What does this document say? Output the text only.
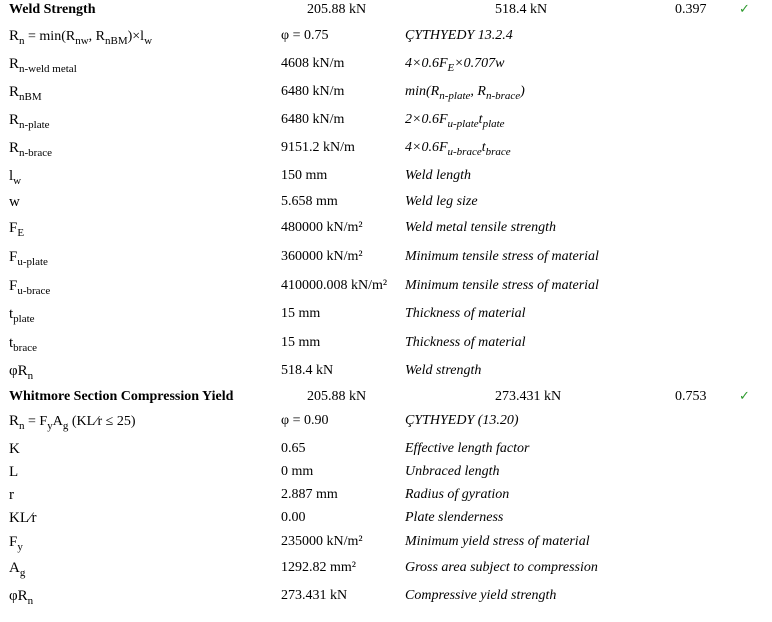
Weld Strength	205.88 kN	518.4 kN	0.397	✓
$R_n = \min(R_{nw}$, $R_{nBM})\times l_w$	φ = 0.75	ÇYTHYEDY 13.2.4
$R_{n-weld metal}$	4608 kN/m	$4\times 0.6F_E\times 0.707w$
$R_{nBM}$	6480 kN/m	$\min(R_{n-plate}$, $R_{n-brace}$)
$R_{n-plate}$	6480 kN/m	$2\times 0.6F_{u-plate}t_{plate}$
$R_{n-brace}$	9151.2 kN/m	$4\times 0.6F_{u-brace}t_{brace}$
$l_w$	150 mm	Weld length
w	5.658 mm	Weld leg size
$F_E$	480000 kN/m²	Weld metal tensile strength
$F_{u-plate}$	360000 kN/m²	Minimum tensile stress of material
$F_{u-brace}$	410000.008 kN/m² Minimum tensile stress of material
$t_{plate}$	15 mm	Thickness of material
$t_{brace}$	15 mm	Thickness of material
$\varphi R_n$	518.4 kN	Weld strength
Whitmore Section Compression Yield	205.88 kN	273.431 kN	0.753	✓
$R_n = F_yA_g$ (KL⁄r ≤ 25)	φ = 0.90	ÇYTHYEDY (13.20)
K	0.65	Effective length factor
L	0 mm	Unbraced length
r	2.887 mm	Radius of gyration
KL⁄r	0.00	Plate slenderness
$F_y$	235000 kN/m²	Minimum yield stress of material
$A_g$	1292.82 mm²	Gross area subject to compression
$\varphi R_n$	273.431 kN	Compressive yield strength
